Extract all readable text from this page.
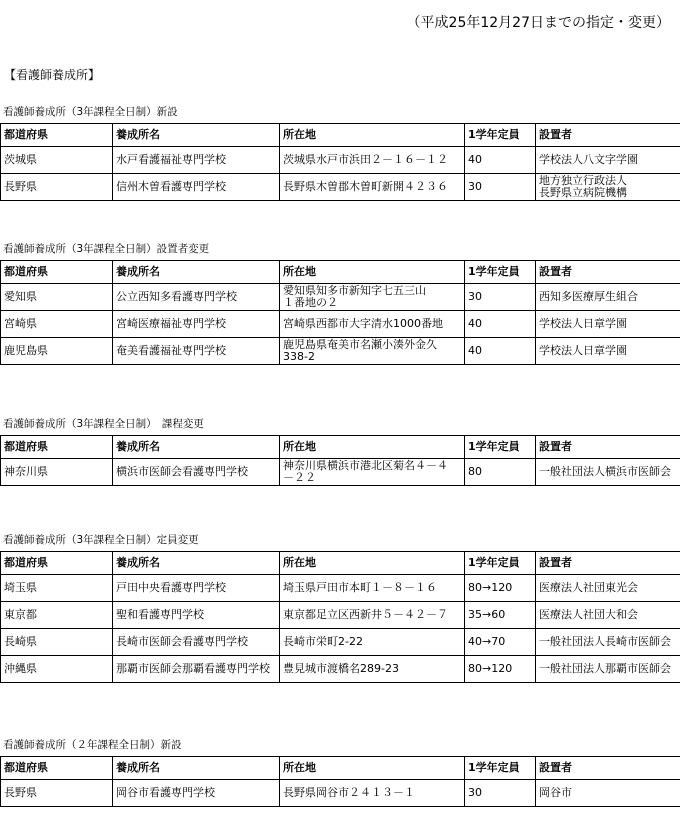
（平成25年12月27日までの指定・変更）
【看護師養成所】
看護師養成所（3年課程全日制）新設
都道府県	養成所名	所在地	1学年定員	設置者
茨城県	水戸看護福祉専門学校	茨城県水戸市浜田２－１６－１２	40	学校法人八文字学園
長野県	信州木曽看護専門学校	長野県木曽郡木曽町新開４２３６	30	地方独立行政法人
長野県立病院機構
看護師養成所（3年課程全日制）設置者変更
都道府県	養成所名	所在地	1学年定員	設置者
愛知県	公立西知多看護専門学校	愛知県知多市新知字七五三山
１番地の２	30	西知多医療厚生組合
宮崎県	宮崎医療福祉専門学校	宮崎県西都市大字清水1000番地	40	学校法人日章学園
鹿児島県	奄美看護福祉専門学校	鹿児島県奄美市名瀬小湊外金久
338-2	40	学校法人日章学園
看護師養成所（3年課程全日制）　課程変更
都道府県	養成所名	所在地	1学年定員	設置者
神奈川県	横浜市医師会看護専門学校	神奈川県横浜市港北区菊名４－４
－２２	80	一般社団法人横浜市医師会
看護師養成所（3年課程全日制）定員変更
都道府県	養成所名	所在地	1学年定員	設置者
埼玉県	戸田中央看護専門学校	埼玉県戸田市本町１－８－１６	80→120	医療法人社団東光会
東京都	聖和看護専門学校	東京都足立区西新井５－４２－７	35→60	医療法人社団大和会
長崎県	長崎市医師会看護専門学校	長崎市栄町2-22	40→70	一般社団法人長崎市医師会
沖縄県	那覇市医師会那覇看護専門学校	豊見城市渡橋名289-23	80→120	一般社団法人那覇市医師会
看護師養成所（２年課程全日制）新設
都道府県	養成所名	所在地	1学年定員	設置者
長野県	岡谷市看護専門学校	長野県岡谷市２４１３－１	30	岡谷市
